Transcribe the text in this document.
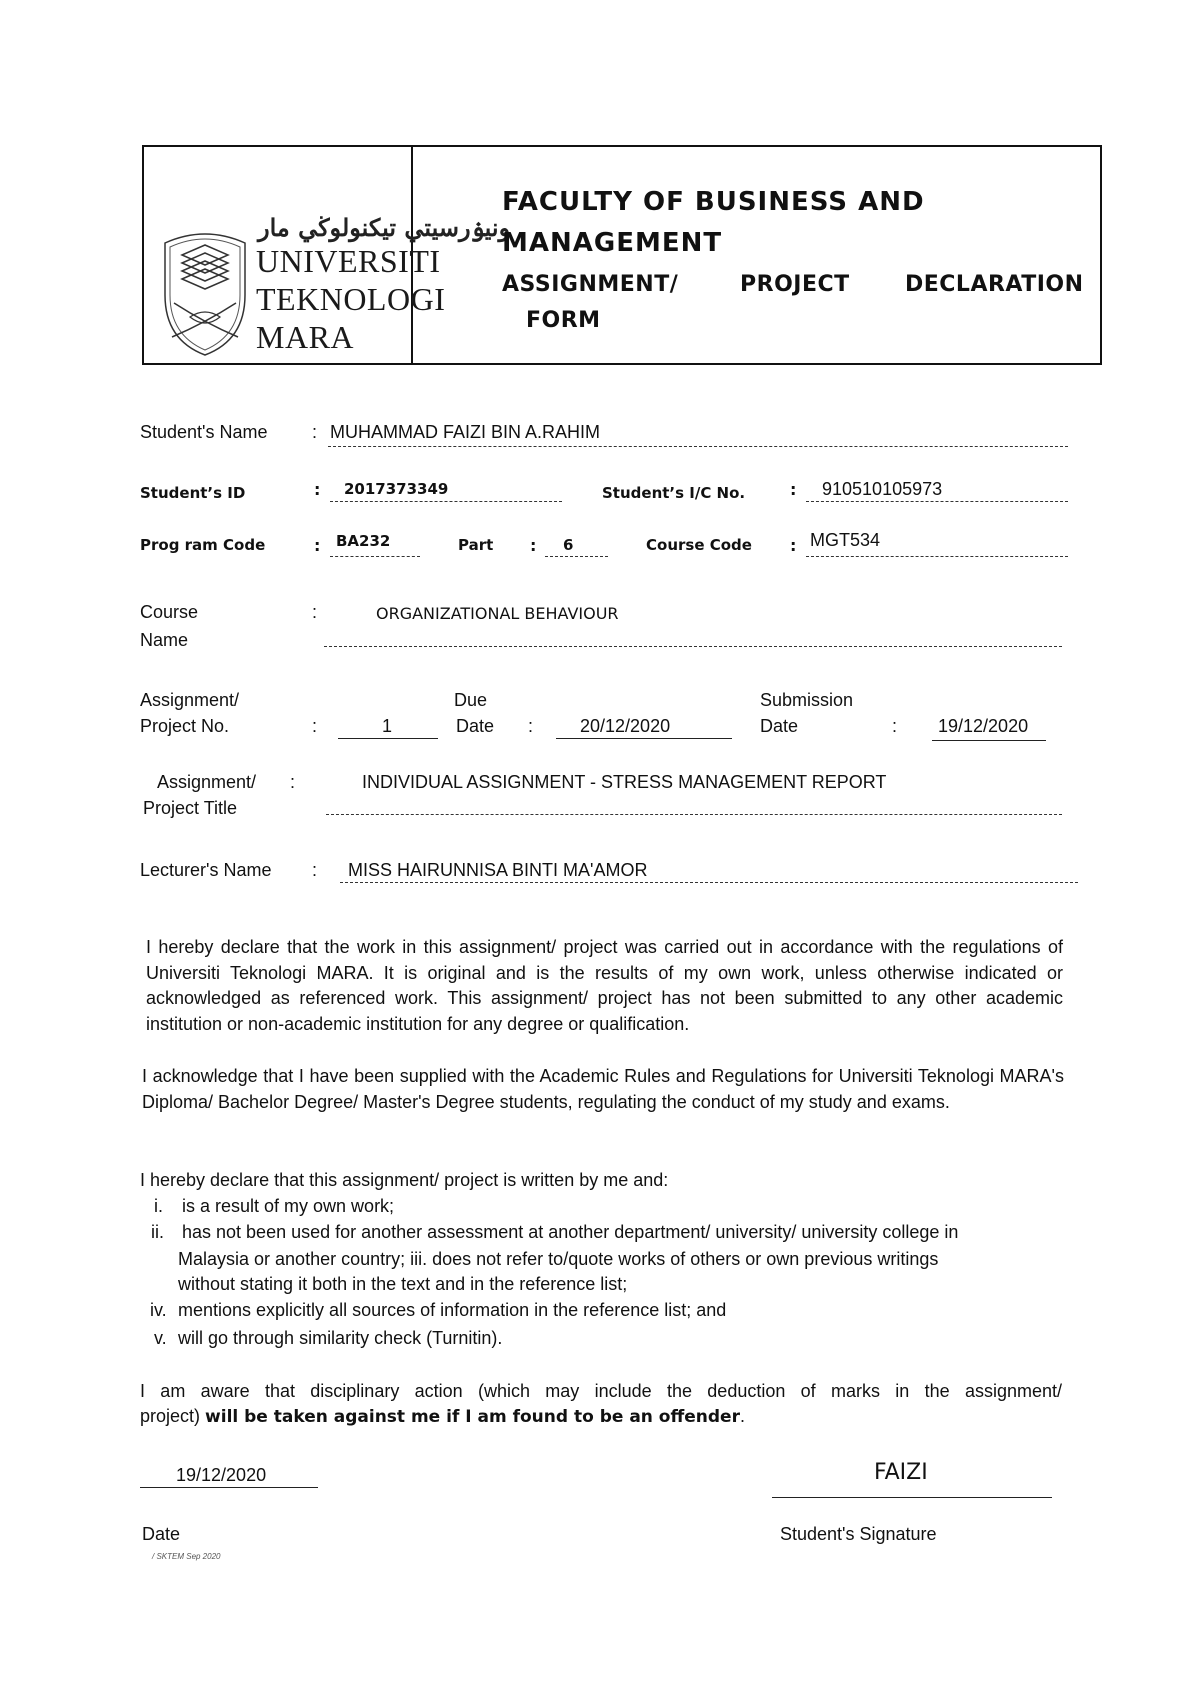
ونيۏرسيتي تيكنولوڬي مار
UNIVERSITI
TEKNOLOGI
MARA
FACULTY OF BUSINESS AND
MANAGEMENT
ASSIGNMENT/	PROJECT	DECLARATION
FORM
Student's Name : MUHAMMAD FAIZI BIN A.RAHIM
Student’s ID	: 2017373349	Student’s I/C No.	: 910510105973
Prog ram Code	: BA232	Part : 6	Course Code : MGT534
Course
Name
:	ORGANIZATIONAL BEHAVIOUR
Assignment/
Project No.	:	1
Due
Date :	20/12/2020
Submission
Date	: 19/12/2020
Assignment/
Project Title
:	INDIVIDUAL ASSIGNMENT - STRESS MANAGEMENT REPORT
Lecturer's Name : MISS HAIRUNNISA BINTI MA'AMOR

I hereby declare that the work in this assignment/ project was carried out in accordance with the regulations of Universiti Teknologi MARA. It is original and is the results of my own work, unless otherwise indicated or acknowledged as referenced work. This assignment/ project has not been submitted to any other academic institution or non-academic institution for any degree or qualification.

I acknowledge that I have been supplied with the Academic Rules and Regulations for Universiti Teknologi MARA's Diploma/ Bachelor Degree/ Master's Degree students, regulating the conduct of my study and exams.

I hereby declare that this assignment/ project is written by me and:
i. is a result of my own work;
ii. has not been used for another assessment at another department/ university/ university college in
Malaysia or another country; iii. does not refer to/quote works of others or own previous writings
without stating it both in the text and in the reference list;
iv. mentions explicitly all sources of information in the reference list; and
v. will go through similarity check (Turnitin).
I am aware that disciplinary action (which may include the deduction of marks in the assignment/
project) will be taken against me if I am found to be an offender.
19/12/2020	FAIZI
Date	Student's Signature
/ SKTEM Sep 2020
